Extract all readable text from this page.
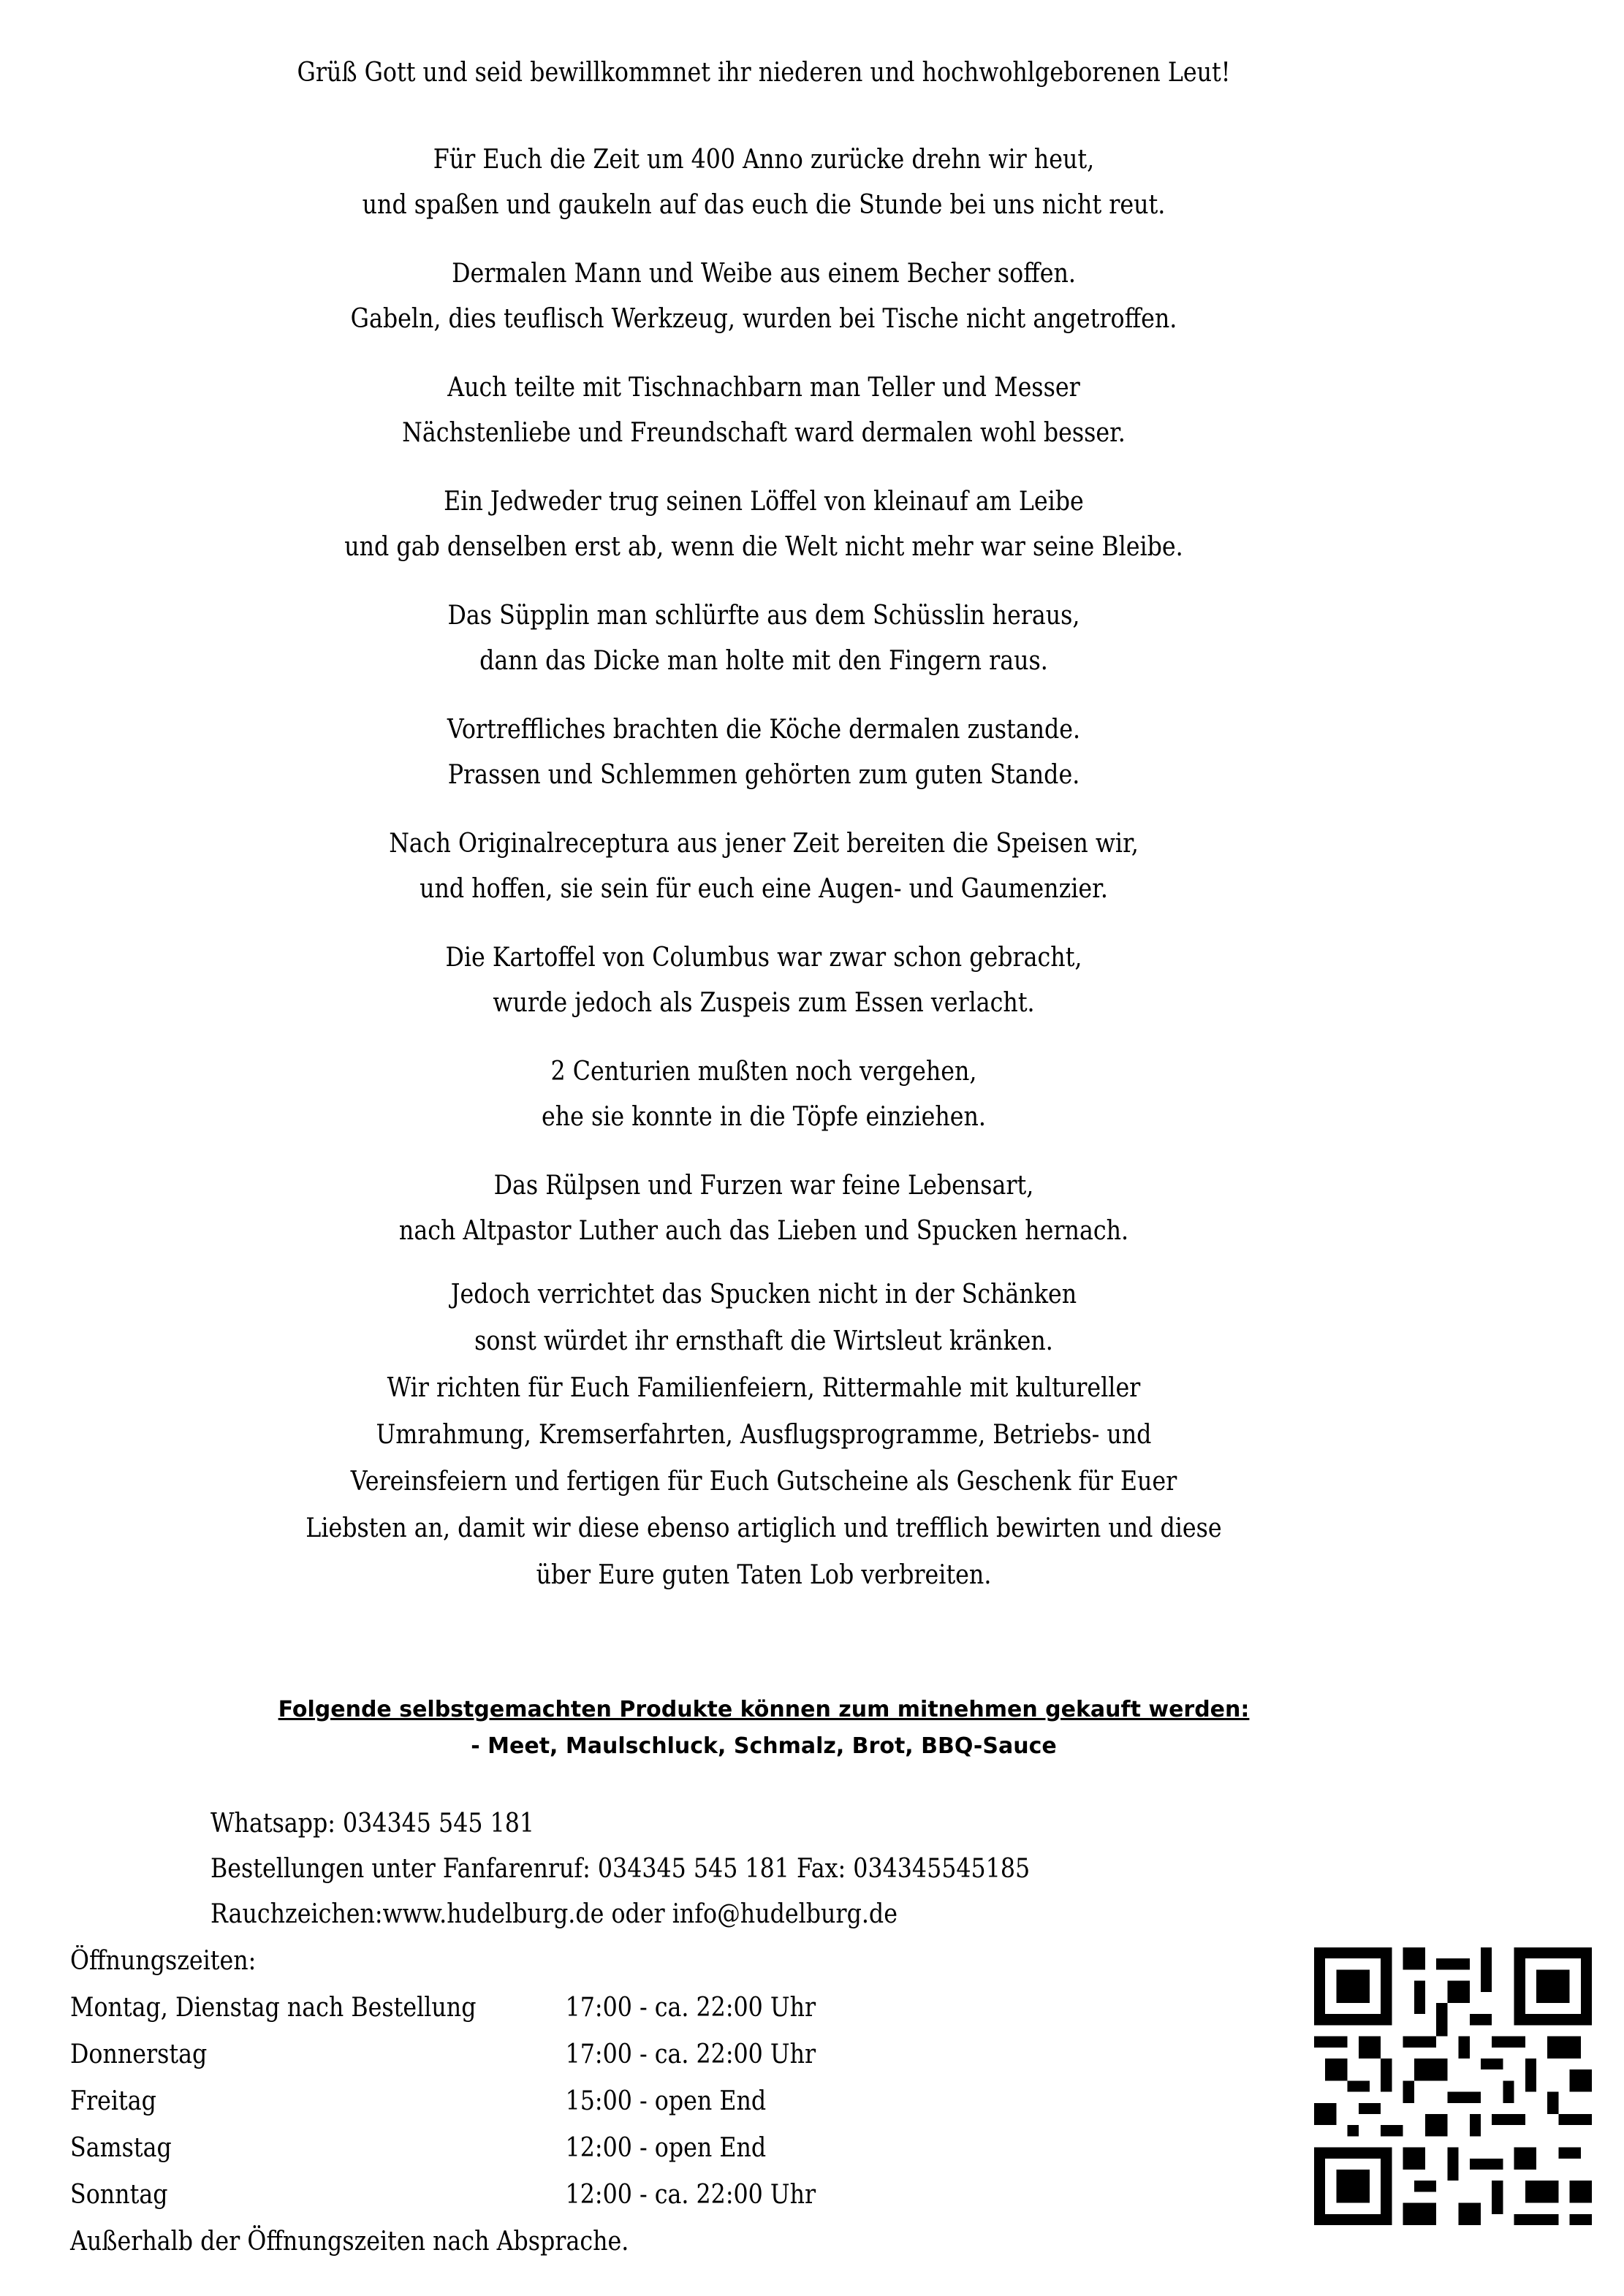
Grüß Gott und seid bewillkommnet ihr niederen und hochwohlgeborenen Leut!
Für Euch die Zeit um 400 Anno zurücke drehn wir heut,
und spaßen und gaukeln auf das euch die Stunde bei uns nicht reut.
Dermalen Mann und Weibe aus einem Becher soffen.
Gabeln, dies teuflisch Werkzeug, wurden bei Tische nicht angetroffen.
Auch teilte mit Tischnachbarn man Teller und Messer
Nächstenliebe und Freundschaft ward dermalen wohl besser.
Ein Jedweder trug seinen Löffel von kleinauf am Leibe
und gab denselben erst ab, wenn die Welt nicht mehr war seine Bleibe.
Das Süpplin man schlürfte aus dem Schüsslin heraus,
dann das Dicke man holte mit den Fingern raus.
Vortreffliches brachten die Köche dermalen zustande.
Prassen und Schlemmen gehörten zum guten Stande.
Nach Originalreceptura aus jener Zeit bereiten die Speisen wir,
und hoffen, sie sein für euch eine Augen- und Gaumenzier.
Die Kartoffel von Columbus war zwar schon gebracht,
wurde jedoch als Zuspeis zum Essen verlacht.
2 Centurien mußten noch vergehen,
ehe sie konnte in die Töpfe einziehen.
Das Rülpsen und Furzen war feine Lebensart,
nach Altpastor Luther auch das Lieben und Spucken hernach.
Jedoch verrichtet das Spucken nicht in der Schänken
sonst würdet ihr ernsthaft die Wirtsleut kränken.
Wir richten für Euch Familienfeiern, Rittermahle mit kultureller
Umrahmung, Kremserfahrten, Ausflugsprogramme, Betriebs- und
Vereinsfeiern und fertigen für Euch Gutscheine als Geschenk für Euer
Liebsten an, damit wir diese ebenso artiglich und trefflich bewirten und diese
über Eure guten Taten Lob verbreiten.
Folgende selbstgemachten Produkte können zum mitnehmen gekauft werden:
- Meet, Maulschluck, Schmalz, Brot, BBQ-Sauce
Whatsapp: 034345 545 181
Bestellungen unter Fanfarenruf: 034345 545 181 Fax: 034345545185
Rauchzeichen:www.hudelburg.de oder info@hudelburg.de
Öffnungszeiten:
Montag, Dienstag nach Bestellung	17:00 - ca. 22:00 Uhr
Donnerstag	17:00 - ca. 22:00 Uhr
Freitag	15:00 - open End
Samstag	12:00 - open End
Sonntag	12:00 - ca. 22:00 Uhr
Außerhalb der Öffnungszeiten nach Absprache.
